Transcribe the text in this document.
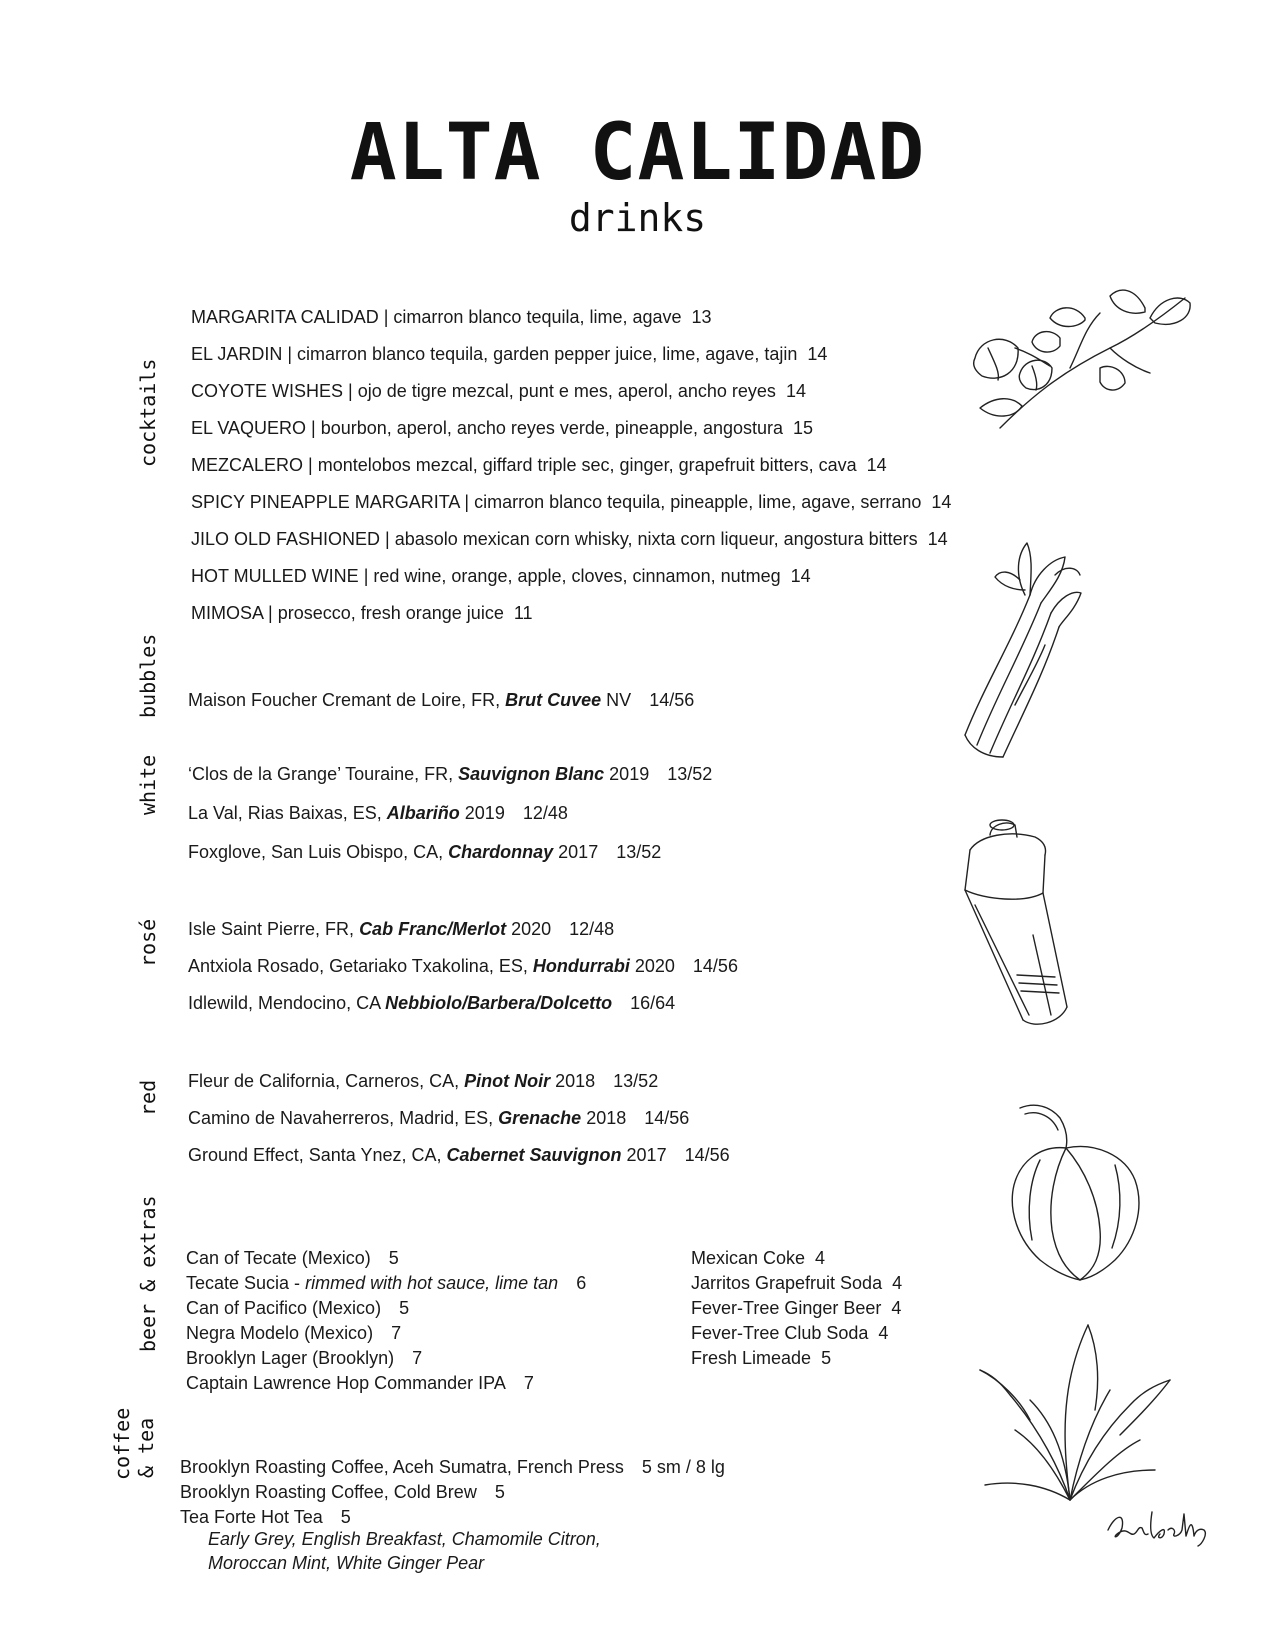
ALTA CALIDAD
drinks
cocktails
bubbles
white
rosé
red
beer & extras
coffee & tea
MARGARITA CALIDAD | cimarron blanco tequila, lime, agave 13
EL JARDIN | cimarron blanco tequila, garden pepper juice, lime, agave, tajin 14
COYOTE WISHES | ojo de tigre mezcal, punt e mes, aperol, ancho reyes 14
EL VAQUERO | bourbon, aperol, ancho reyes verde, pineapple, angostura 15
MEZCALERO | montelobos mezcal, giffard triple sec, ginger, grapefruit bitters, cava 14
SPICY PINEAPPLE MARGARITA | cimarron blanco tequila, pineapple, lime, agave, serrano 14
JILO OLD FASHIONED | abasolo mexican corn whisky, nixta corn liqueur, angostura bitters 14
HOT MULLED WINE | red wine, orange, apple, cloves, cinnamon, nutmeg 14
MIMOSA | prosecco, fresh orange juice 11
Maison Foucher Cremant de Loire, FR, Brut Cuvee NV 14/56
‘Clos de la Grange’ Touraine, FR, Sauvignon Blanc 2019 13/52
La Val, Rias Baixas, ES, Albariño 2019 12/48
Foxglove, San Luis Obispo, CA, Chardonnay 2017 13/52
Isle Saint Pierre, FR, Cab Franc/Merlot 2020 12/48
Antxiola Rosado, Getariako Txakolina, ES, Hondurrabi 2020 14/56
Idlewild, Mendocino, CA Nebbiolo/Barbera/Dolcetto 16/64
Fleur de California, Carneros, CA, Pinot Noir 2018 13/52
Camino de Navaherreros, Madrid, ES, Grenache 2018 14/56
Ground Effect, Santa Ynez, CA, Cabernet Sauvignon 2017 14/56
Can of Tecate (Mexico) 5
Tecate Sucia - rimmed with hot sauce, lime tan 6
Can of Pacifico (Mexico) 5
Negra Modelo (Mexico) 7
Brooklyn Lager (Brooklyn) 7
Captain Lawrence Hop Commander IPA 7
Mexican Coke 4
Jarritos Grapefruit Soda 4
Fever-Tree Ginger Beer 4
Fever-Tree Club Soda 4
Fresh Limeade 5
Brooklyn Roasting Coffee, Aceh Sumatra, French Press 5 sm / 8 lg
Brooklyn Roasting Coffee, Cold Brew 5
Tea Forte Hot Tea 5
Early Grey, English Breakfast, Chamomile Citron,
Moroccan Mint, White Ginger Pear
